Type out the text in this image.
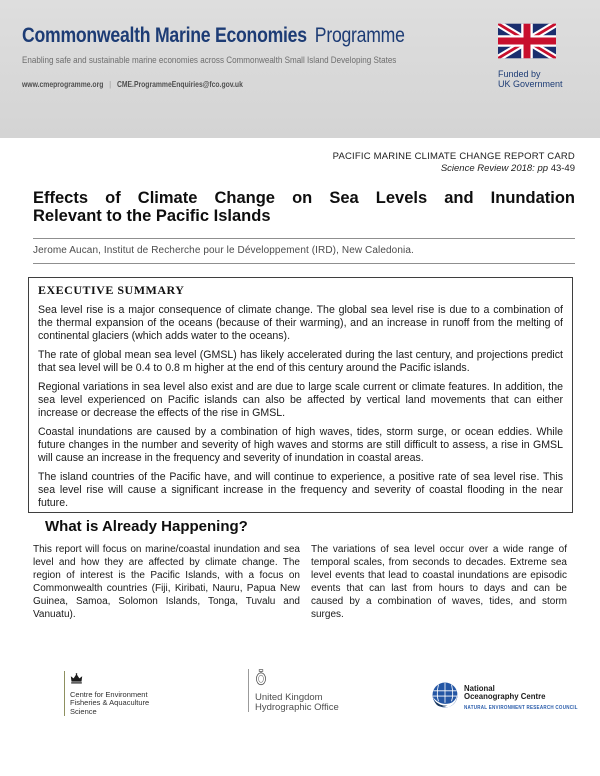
Commonwealth Marine Economies Programme
Enabling safe and sustainable marine economies across Commonwealth Small Island Developing States
www.cmeprogramme.org | CME.ProgrammeEnquiries@fco.gov.uk
Funded by
UK Government
PACIFIC MARINE CLIMATE CHANGE REPORT CARD
Science Review 2018: pp 43-49
Effects of Climate Change on Sea Levels and Inundation
Relevant to the Pacific Islands
Jerome Aucan, Institut de Recherche pour le Développement (IRD), New Caledonia.
EXECUTIVE SUMMARY

Sea level rise is a major consequence of climate change. The global sea level rise is due to a combination of the thermal expansion of the oceans (because of their warming), and an increase in runoff from the melting of continental glaciers (which adds water to the oceans).

The rate of global mean sea level (GMSL) has likely accelerated during the last century, and projections predict that sea level will be 0.4 to 0.8 m higher at the end of this century around the Pacific islands.

Regional variations in sea level also exist and are due to large scale current or climate features. In addition, the sea level experienced on Pacific islands can also be affected by vertical land movements that can either increase or decrease the effects of the rise in GMSL.

Coastal inundations are caused by a combination of high waves, tides, storm surge, or ocean eddies. While future changes in the number and severity of high waves and storms are still difficult to assess, a rise in GMSL will cause an increase in the frequency and severity of inundation in coastal areas.

The island countries of the Pacific have, and will continue to experience, a positive rate of sea level rise. This sea level rise will cause a significant increase in the frequency and severity of coastal flooding in the near future.

What is Already Happening?

This report will focus on marine/coastal inundation and sea level and how they are affected by climate change. The region of interest is the Pacific Islands, with a focus on Commonwealth countries (Fiji, Kiribati, Nauru, Papua New Guinea, Samoa, Solomon Islands, Tonga, Tuvalu and Vanuatu).

The variations of sea level occur over a wide range of temporal scales, from seconds to decades. Extreme sea level events that lead to coastal inundations are episodic events that can last from hours to days and can be caused by a combination of waves, tides, and storm surges.

Centre for Environment
Fisheries & Aquaculture
Science
United Kingdom
Hydrographic Office
National
Oceanography Centre
NATURAL ENVIRONMENT RESEARCH COUNCIL
